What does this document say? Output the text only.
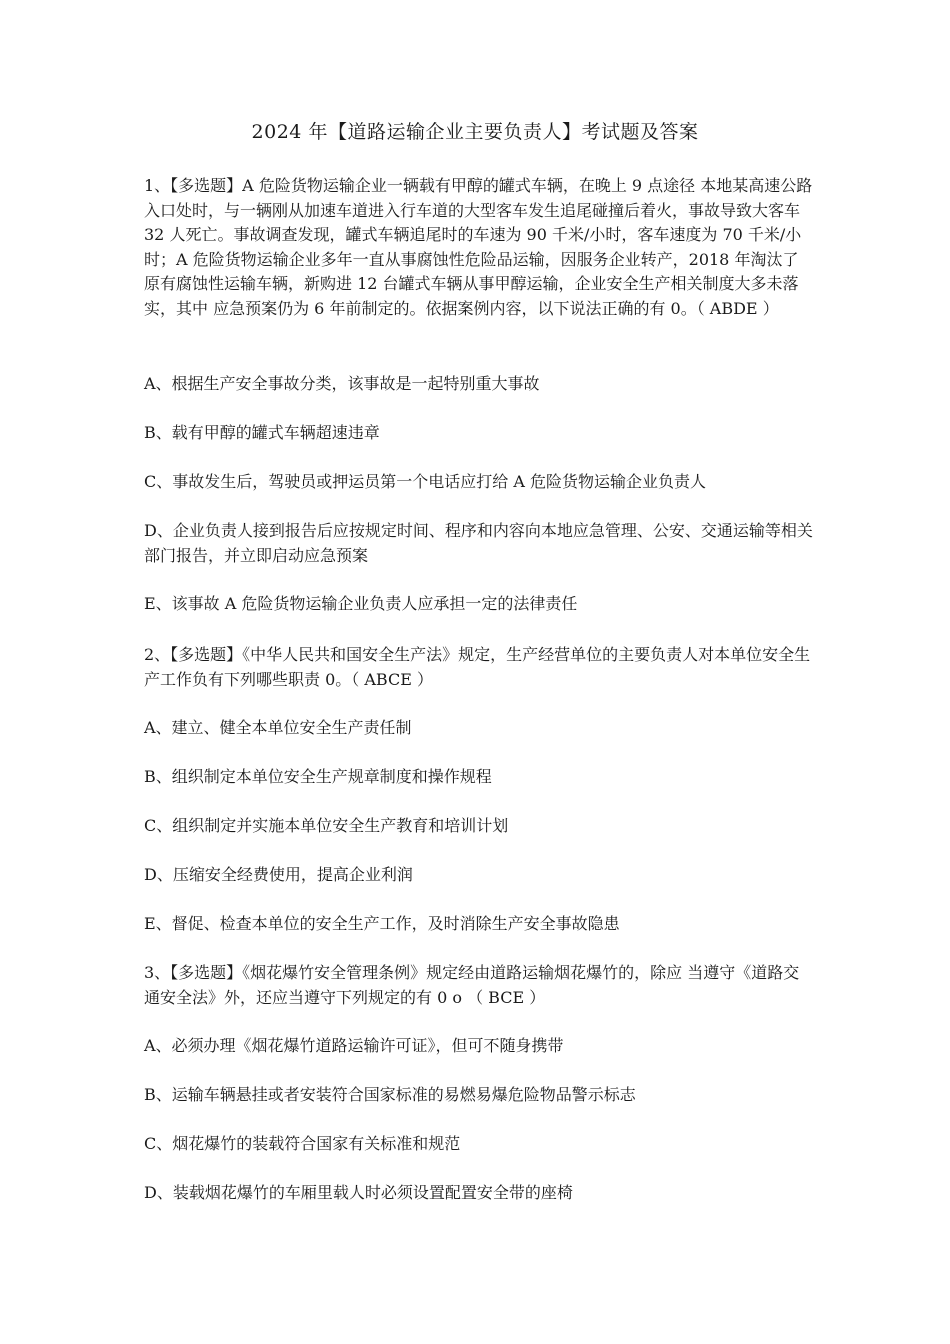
2024 年【道路运输企业主要负责人】考试题及答案

1、【多选题】A 危险货物运输企业一辆载有甲醇的罐式车辆，在晚上 9 点途径 本地某高速公路入口处时，与一辆刚从加速车道进入行车道的大型客车发生追尾碰撞后着火，事故导致大客车 32 人死亡。事故调查发现，罐式车辆追尾时的车速为 90 千米/小时，客车速度为 70 千米/小时；A 危险货物运输企业多年一直从事腐蚀性危险品运输，因服务企业转产，2018 年淘汰了原有腐蚀性运输车辆，新购进 12 台罐式车辆从事甲醇运输，企业安全生产相关制度大多未落实，其中 应急预案仍为 6 年前制定的。依据案例内容，以下说法正确的有 0。（ ABDE ）

A、根据生产安全事故分类，该事故是一起特别重大事故

B、载有甲醇的罐式车辆超速违章

C、事故发生后，驾驶员或押运员第一个电话应打给 A 危险货物运输企业负责人

D、企业负责人接到报告后应按规定时间、程序和内容向本地应急管理、公安、交通运输等相关部门报告，并立即启动应急预案

E、该事故 A 危险货物运输企业负责人应承担一定的法律责任

2、【多选题】《中华人民共和国安全生产法》规定，生产经营单位的主要负责人对本单位安全生产工作负有下列哪些职责 0。（ ABCE ）

A、建立、健全本单位安全生产责任制

B、组织制定本单位安全生产规章制度和操作规程

C、组织制定并实施本单位安全生产教育和培训计划

D、压缩安全经费使用，提高企业利润

E、督促、检查本单位的安全生产工作，及时消除生产安全事故隐患

3、【多选题】《烟花爆竹安全管理条例》规定经由道路运输烟花爆竹的，除应 当遵守《道路交通安全法》外，还应当遵守下列规定的有 0 o （ BCE ）

A、必须办理《烟花爆竹道路运输许可证》，但可不随身携带

B、运输车辆悬挂或者安装符合国家标准的易燃易爆危险物品警示标志

C、烟花爆竹的装载符合国家有关标准和规范

D、装载烟花爆竹的车厢里载人时必须设置配置安全带的座椅
